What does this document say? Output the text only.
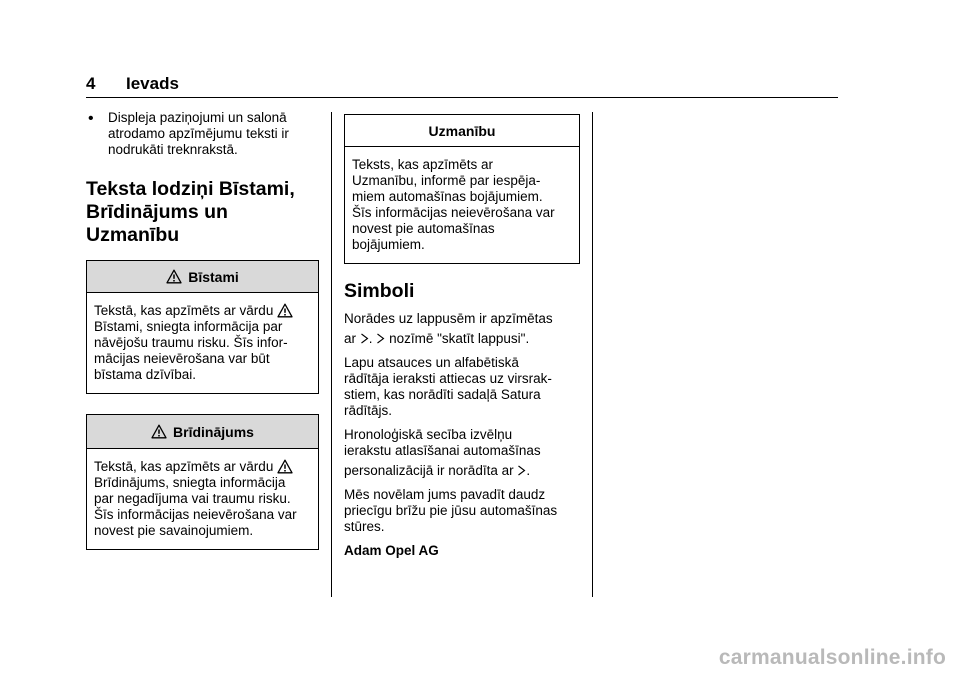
4 Ievads
• Displeja paziņojumi un salonā

atrodamo apzīmējumu teksti ir

nodrukāti treknrakstā.

Teksta lodziņi Bīstami,
Brīdinājums un Uzmanību
Bīstami

Tekstā, kas apzīmēts ar vārdu

Bīstami, sniegta informācija par

nāvējošu traumu risku. Šīs infor-

mācijas neievērošana var būt

bīstama dzīvībai.

Brīdinājums

Tekstā, kas apzīmēts ar vārdu

Brīdinājums, sniegta informācija

par negadījuma vai traumu risku.

Šīs informācijas neievērošana var

novest pie savainojumiem.

Uzmanību

Teksts, kas apzīmēts ar

Uzmanību, informē par iespēja-

miem automašīnas bojājumiem.

Šīs informācijas neievērošana var

novest pie automašīnas

bojājumiem.

Simboli

Norādes uz lappusēm ir apzīmētas

ar . nozīmē "skatīt lappusi".

Lapu atsauces un alfabētiskā

rādītāja ieraksti attiecas uz virsrak-

stiem, kas norādīti sadaļā Satura

rādītājs.

Hronoloģiskā secība izvēlņu

ierakstu atlasīšanai automašīnas

personalizācijā ir norādīta ar .

Mēs novēlam jums pavadīt daudz

priecīgu brīžu pie jūsu automašīnas

stūres.

Adam Opel AG

carmanualsonline.info
